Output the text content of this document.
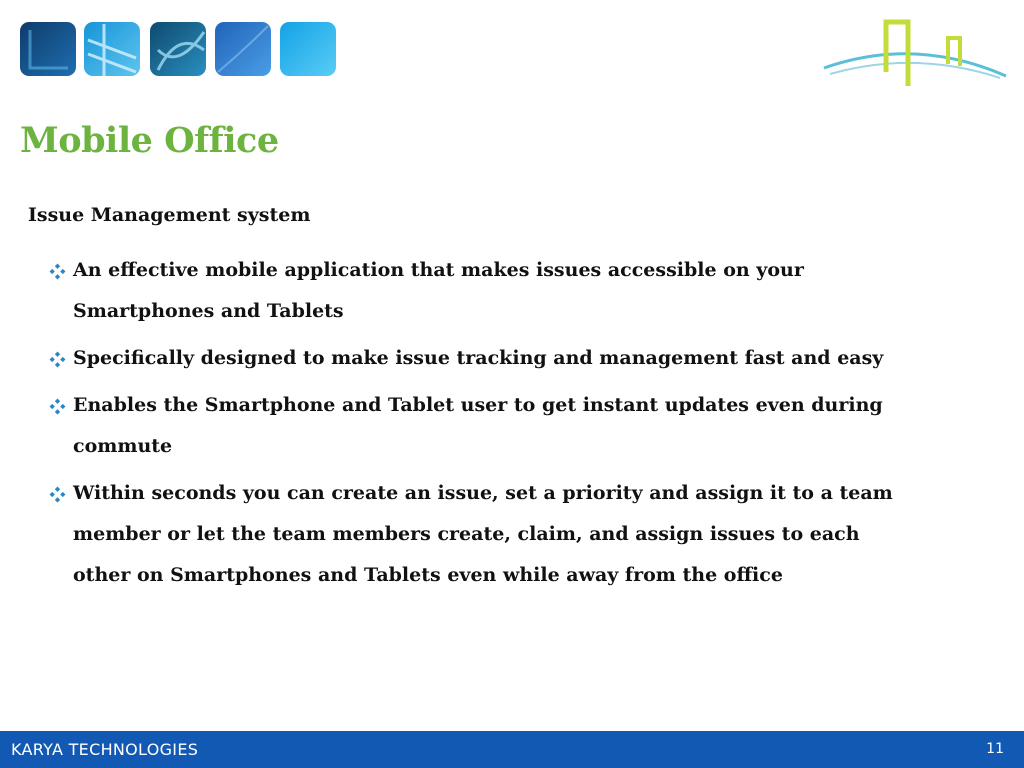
Mobile Office
Issue Management system
An effective mobile application that makes issues accessible on your Smartphones and Tablets
Specifically designed to make issue tracking and management fast and easy
Enables the Smartphone and Tablet user to get instant updates even during commute
Within seconds you can create an issue, set a priority and assign it to a team member or let the team members create, claim, and assign issues to each other on Smartphones and Tablets even while away from the office
KARYA TECHNOLOGIES	11
